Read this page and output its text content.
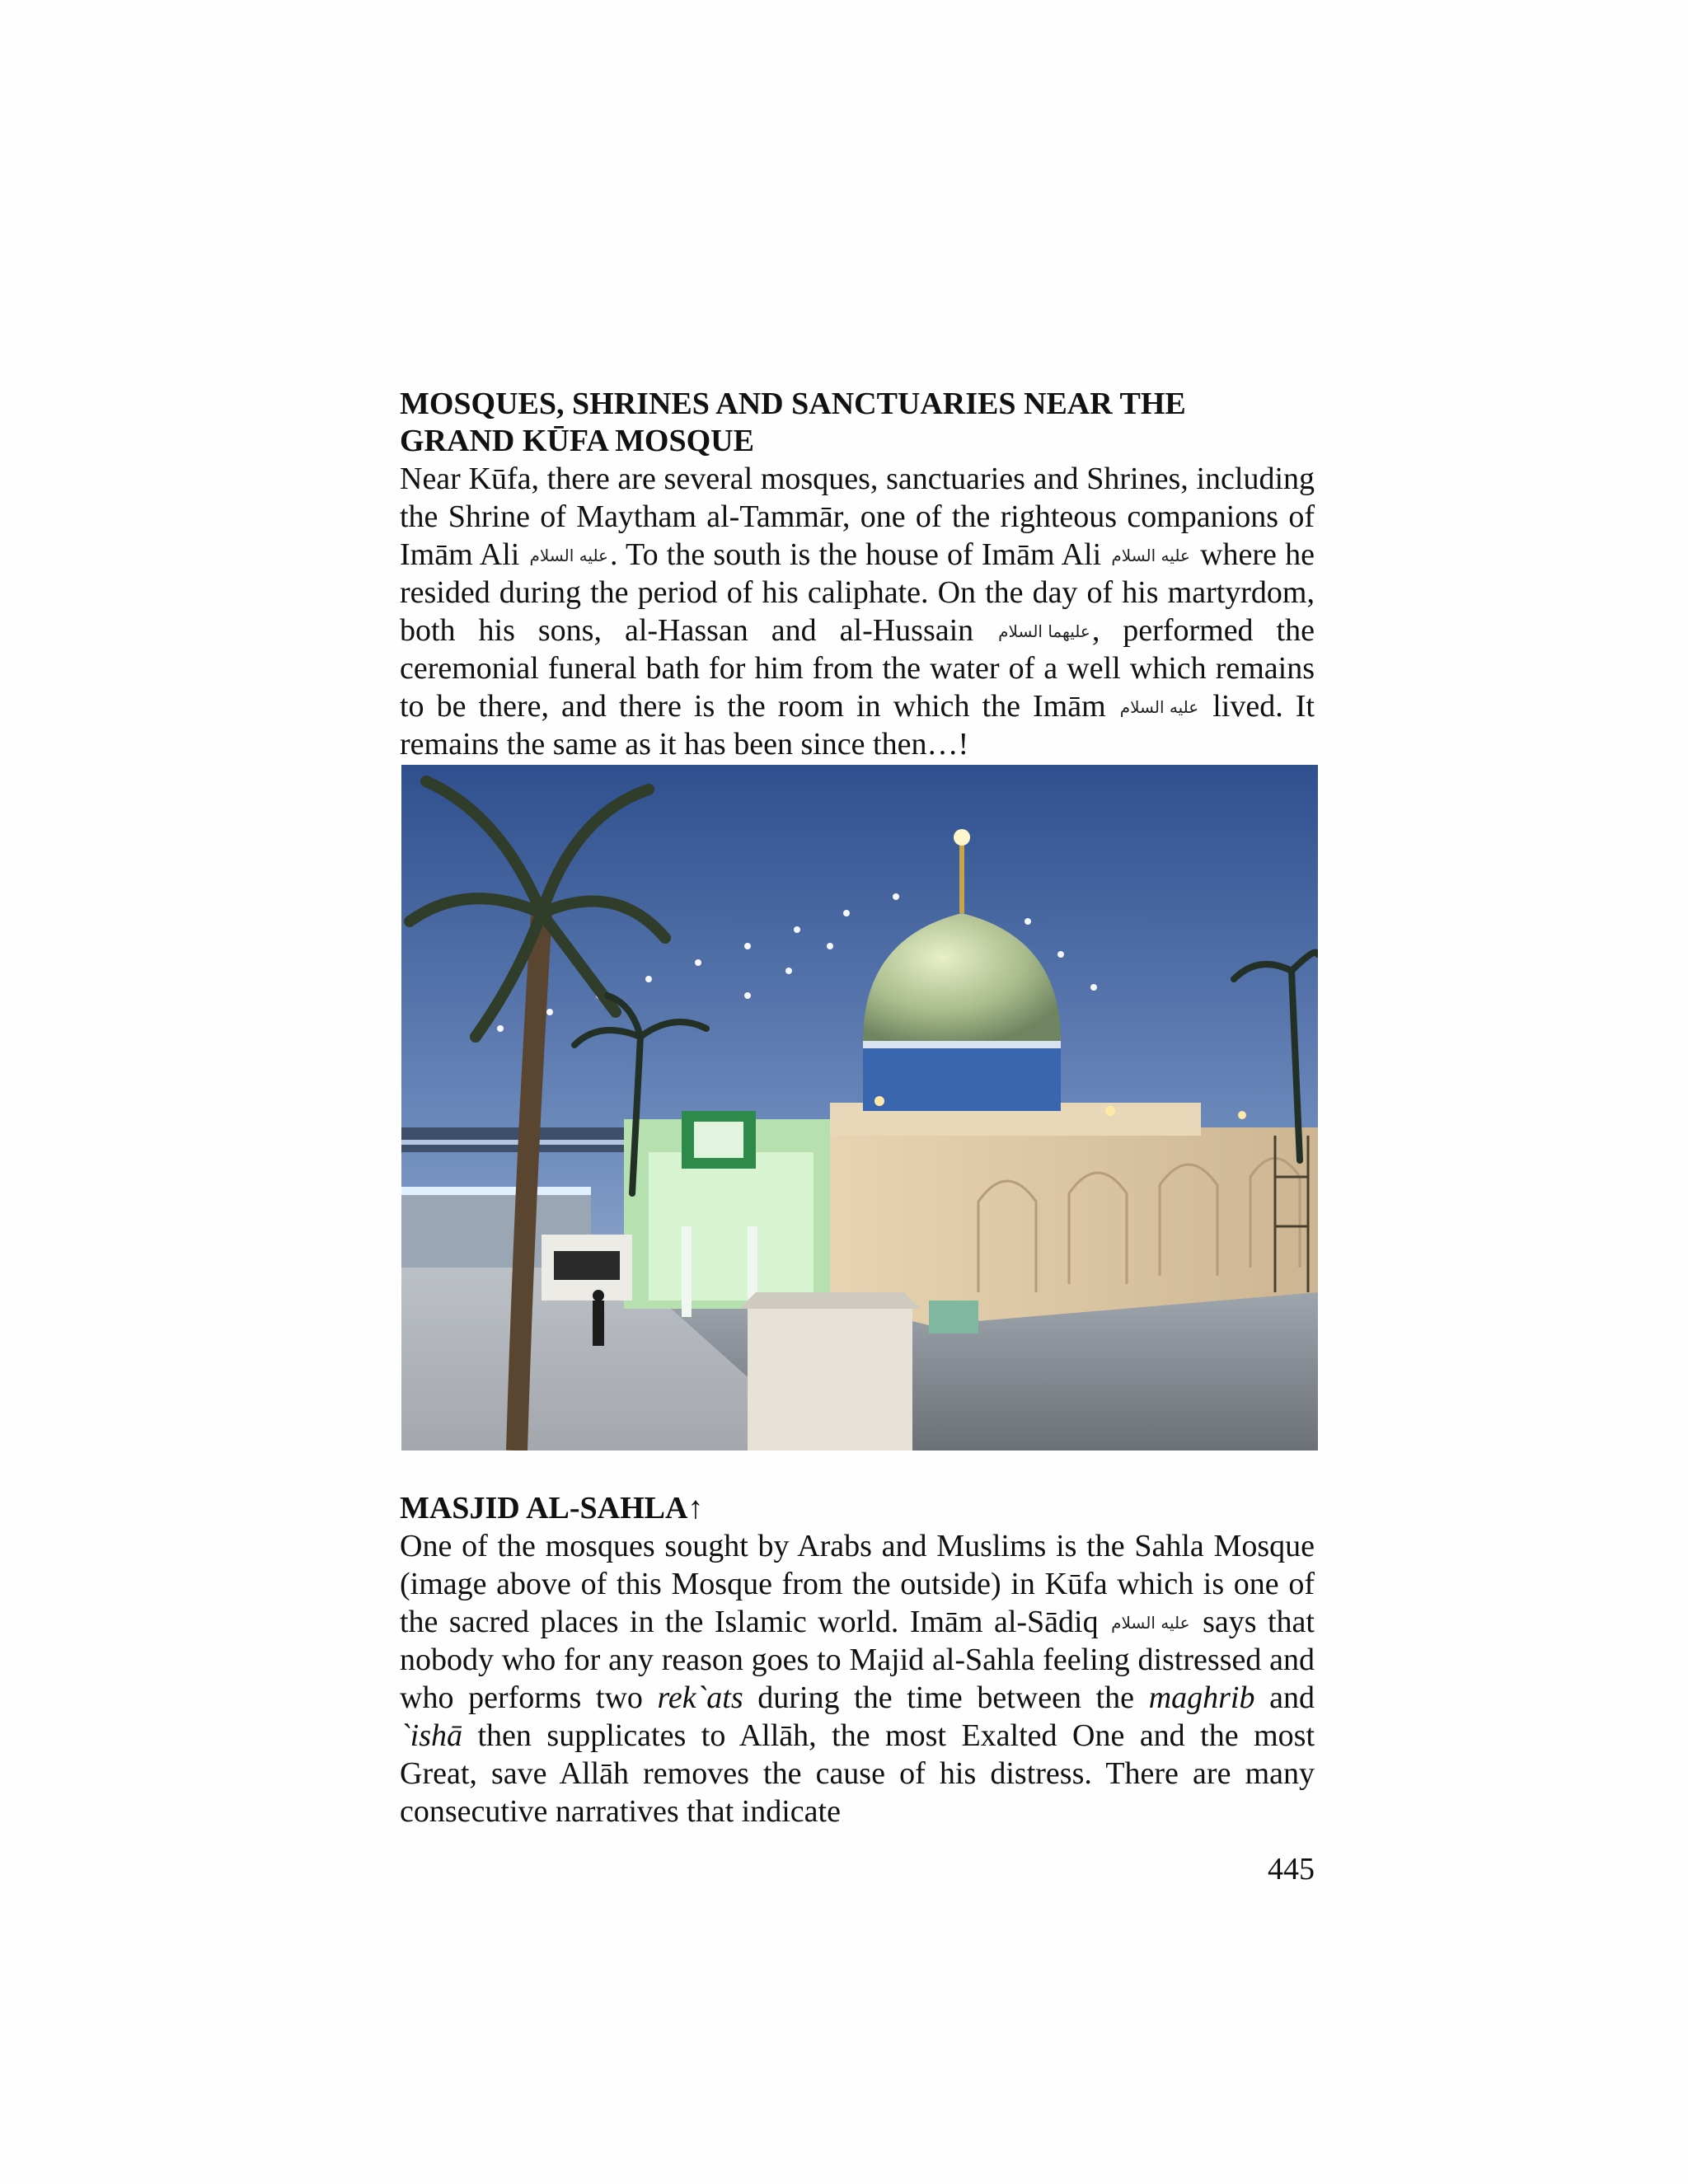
MOSQUES, SHRINES AND SANCTUARIES NEAR THE
GRAND KŪFA MOSQUE

Near Kūfa, there are several mosques, sanctuaries and Shrines, including the Shrine of Maytham al-Tammār, one of the righteous companions of Imām Ali عليه السلام. To the south is the house of Imām Ali عليه السلام where he resided during the period of his caliphate. On the day of his martyrdom, both his sons, al-Hassan and al-Hussain عليهما السلام, performed the ceremonial funeral bath for him from the water of a well which remains to be there, and there is the room in which the Imām عليه السلام lived. It remains the same as it has been since then…!

MASJID AL-SAHLA↑

One of the mosques sought by Arabs and Muslims is the Sahla Mosque (image above of this Mosque from the outside) in Kūfa which is one of the sacred places in the Islamic world. Imām al-Sādiq عليه السلام says that nobody who for any reason goes to Majid al-Sahla feeling distressed and who performs two rek`ats during the time between the maghrib and `ishā then supplicates to Allāh, the most Exalted One and the most Great, save Allāh removes the cause of his distress. There are many consecutive narratives that indicate

445
